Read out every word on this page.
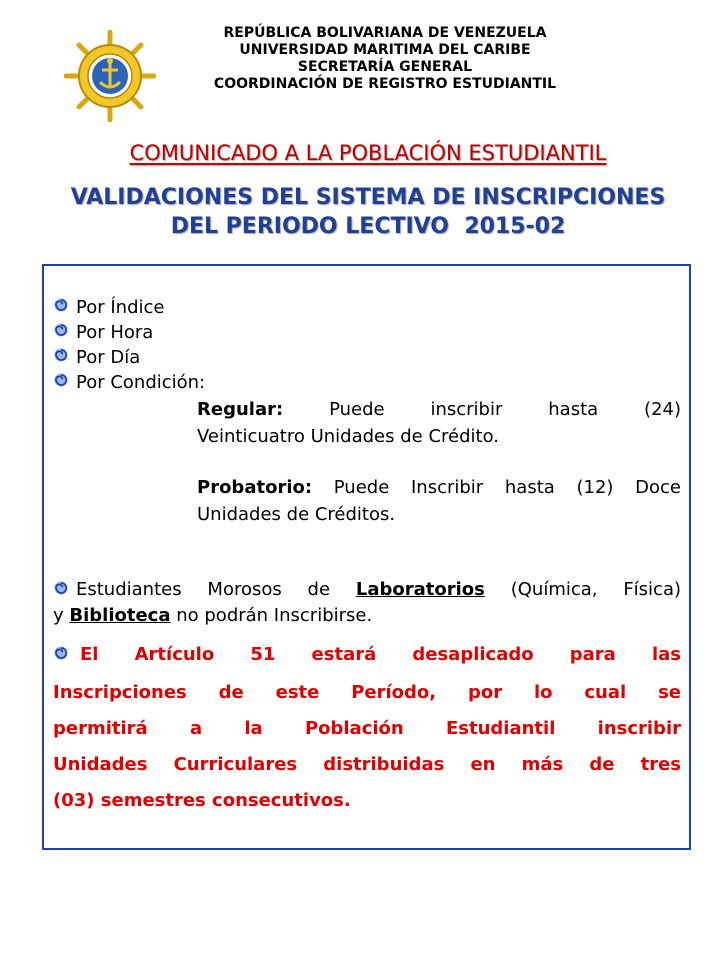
REPÚBLICA BOLIVARIANA DE VENEZUELA
UNIVERSIDAD MARITIMA DEL CARIBE
SECRETARÍA GENERAL
COORDINACIÓN DE REGISTRO ESTUDIANTIL
COMUNICADO A LA POBLACIÓN ESTUDIANTIL
VALIDACIONES DEL SISTEMA DE INSCRIPCIONES
DEL PERIODO LECTIVO  2015-02
Por Índice
Por Hora
Por Día
Por Condición:
Regular:	Puede inscribir hasta (24)
Veinticuatro Unidades de Crédito.
Probatorio: Puede Inscribir hasta (12) Doce
Unidades de Créditos.
Estudiantes Morosos de Laboratorios (Química, Física)
y Biblioteca no podrán Inscribirse.
El Artículo 51 estará desaplicado para las
Inscripciones de este Período, por lo cual se
permitirá a la Población Estudiantil inscribir
Unidades Curriculares distribuidas en más de tres
(03) semestres consecutivos.
